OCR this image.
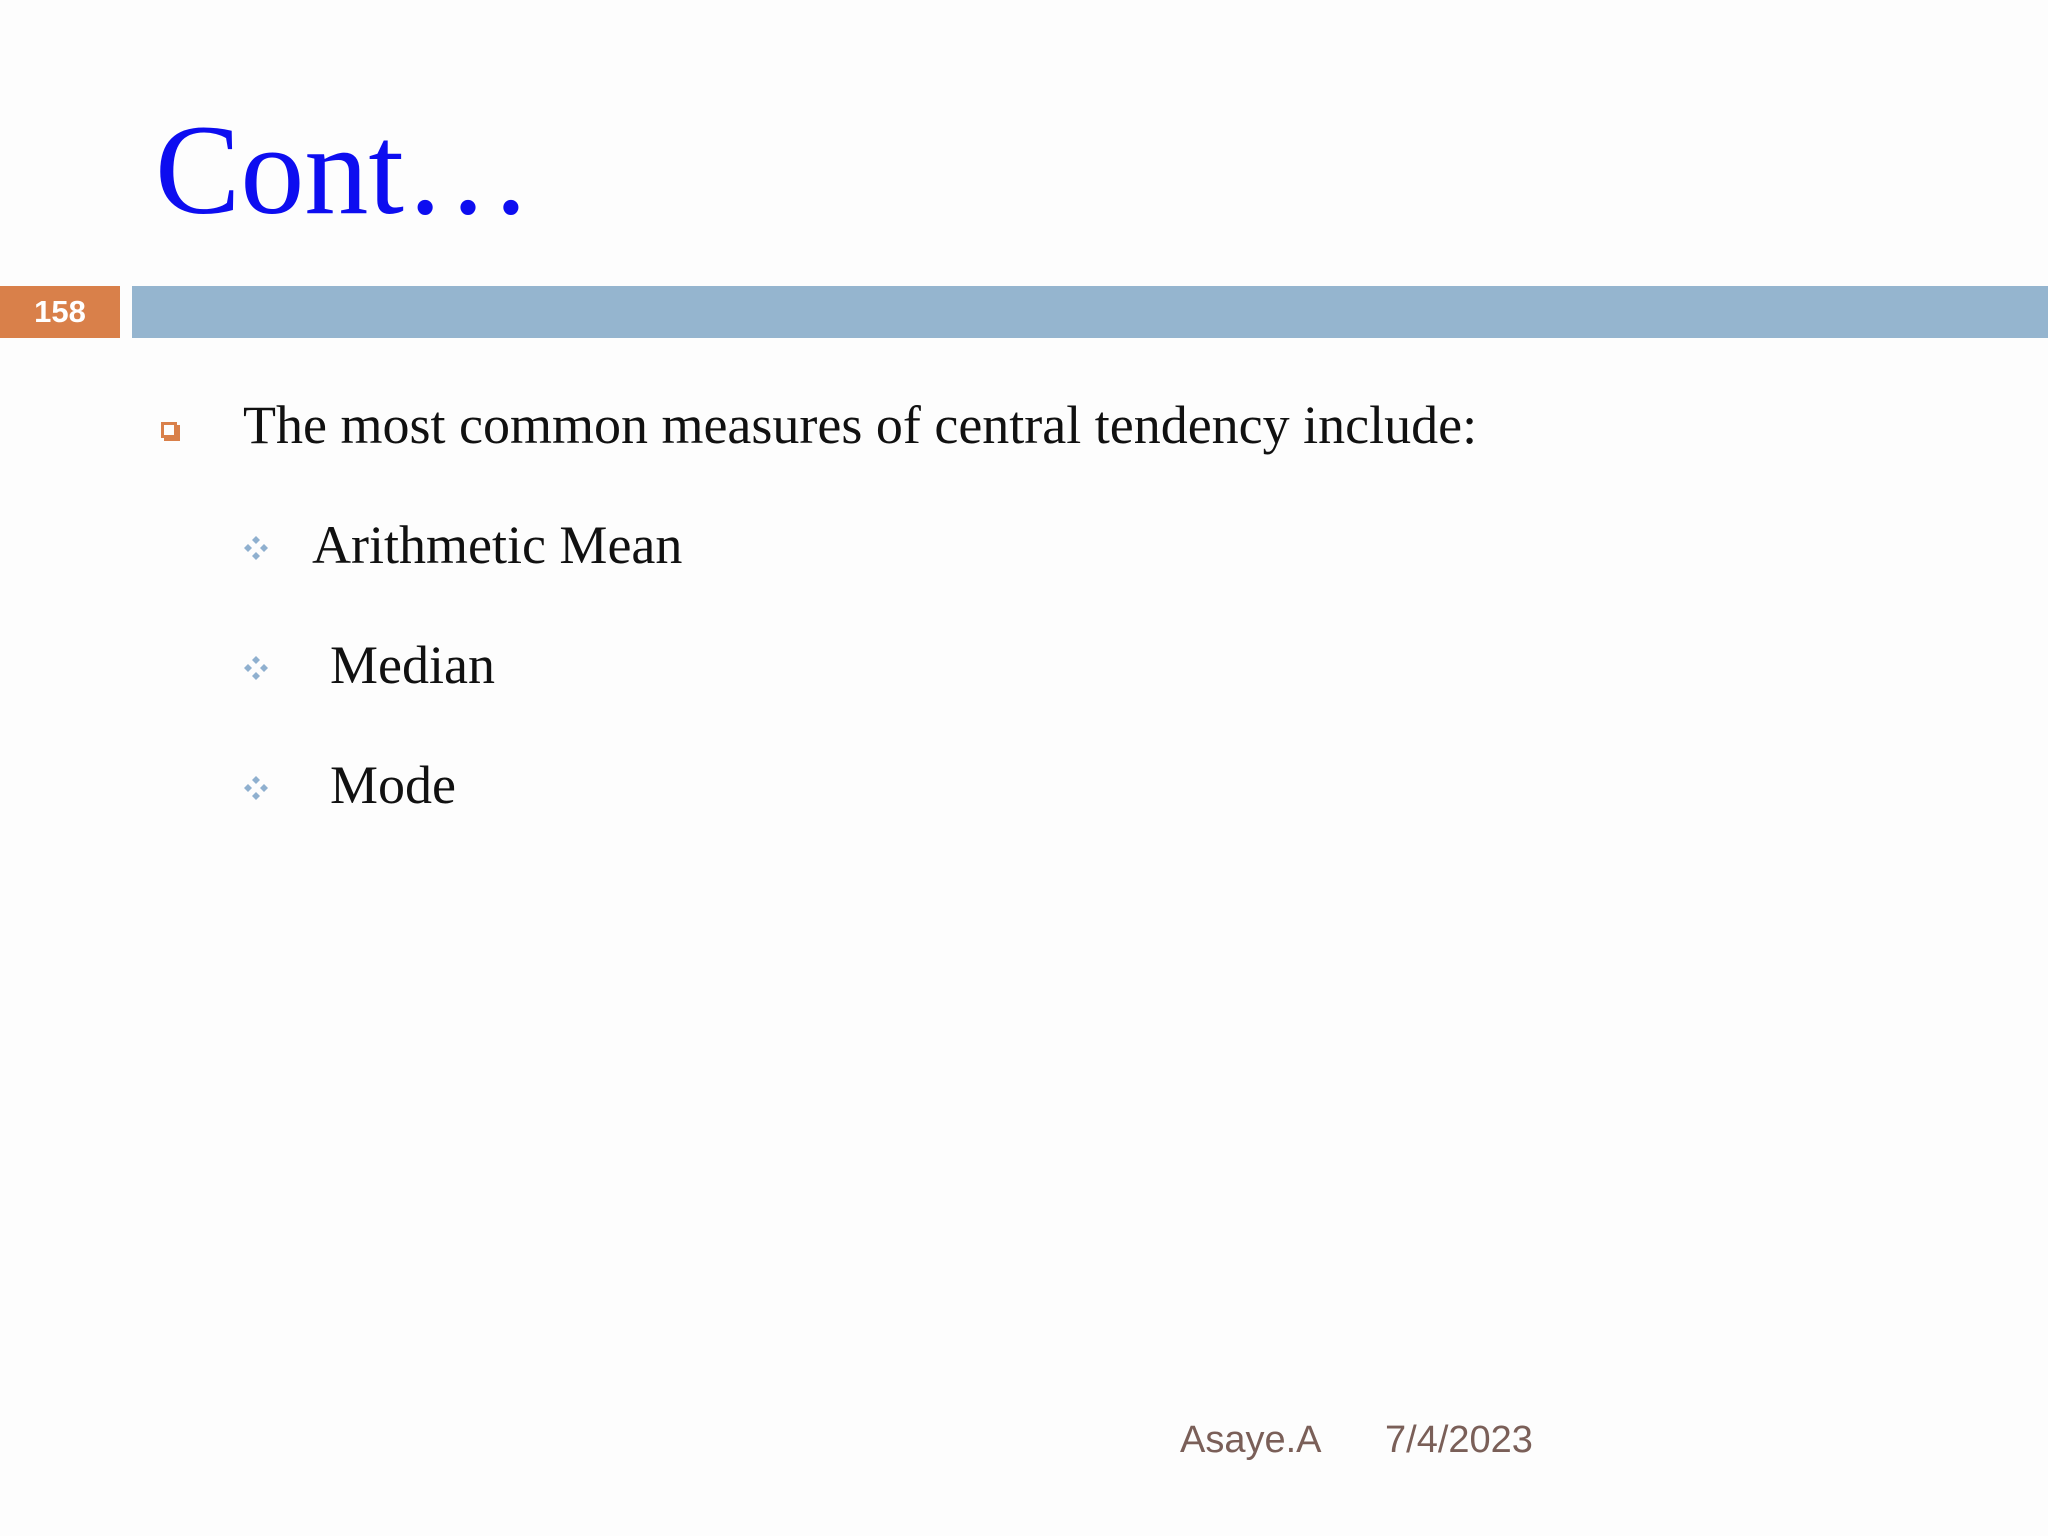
Cont…
158
The most common measures of central tendency include:
Arithmetic Mean
Median
Mode
Asaye.A 7/4/2023
